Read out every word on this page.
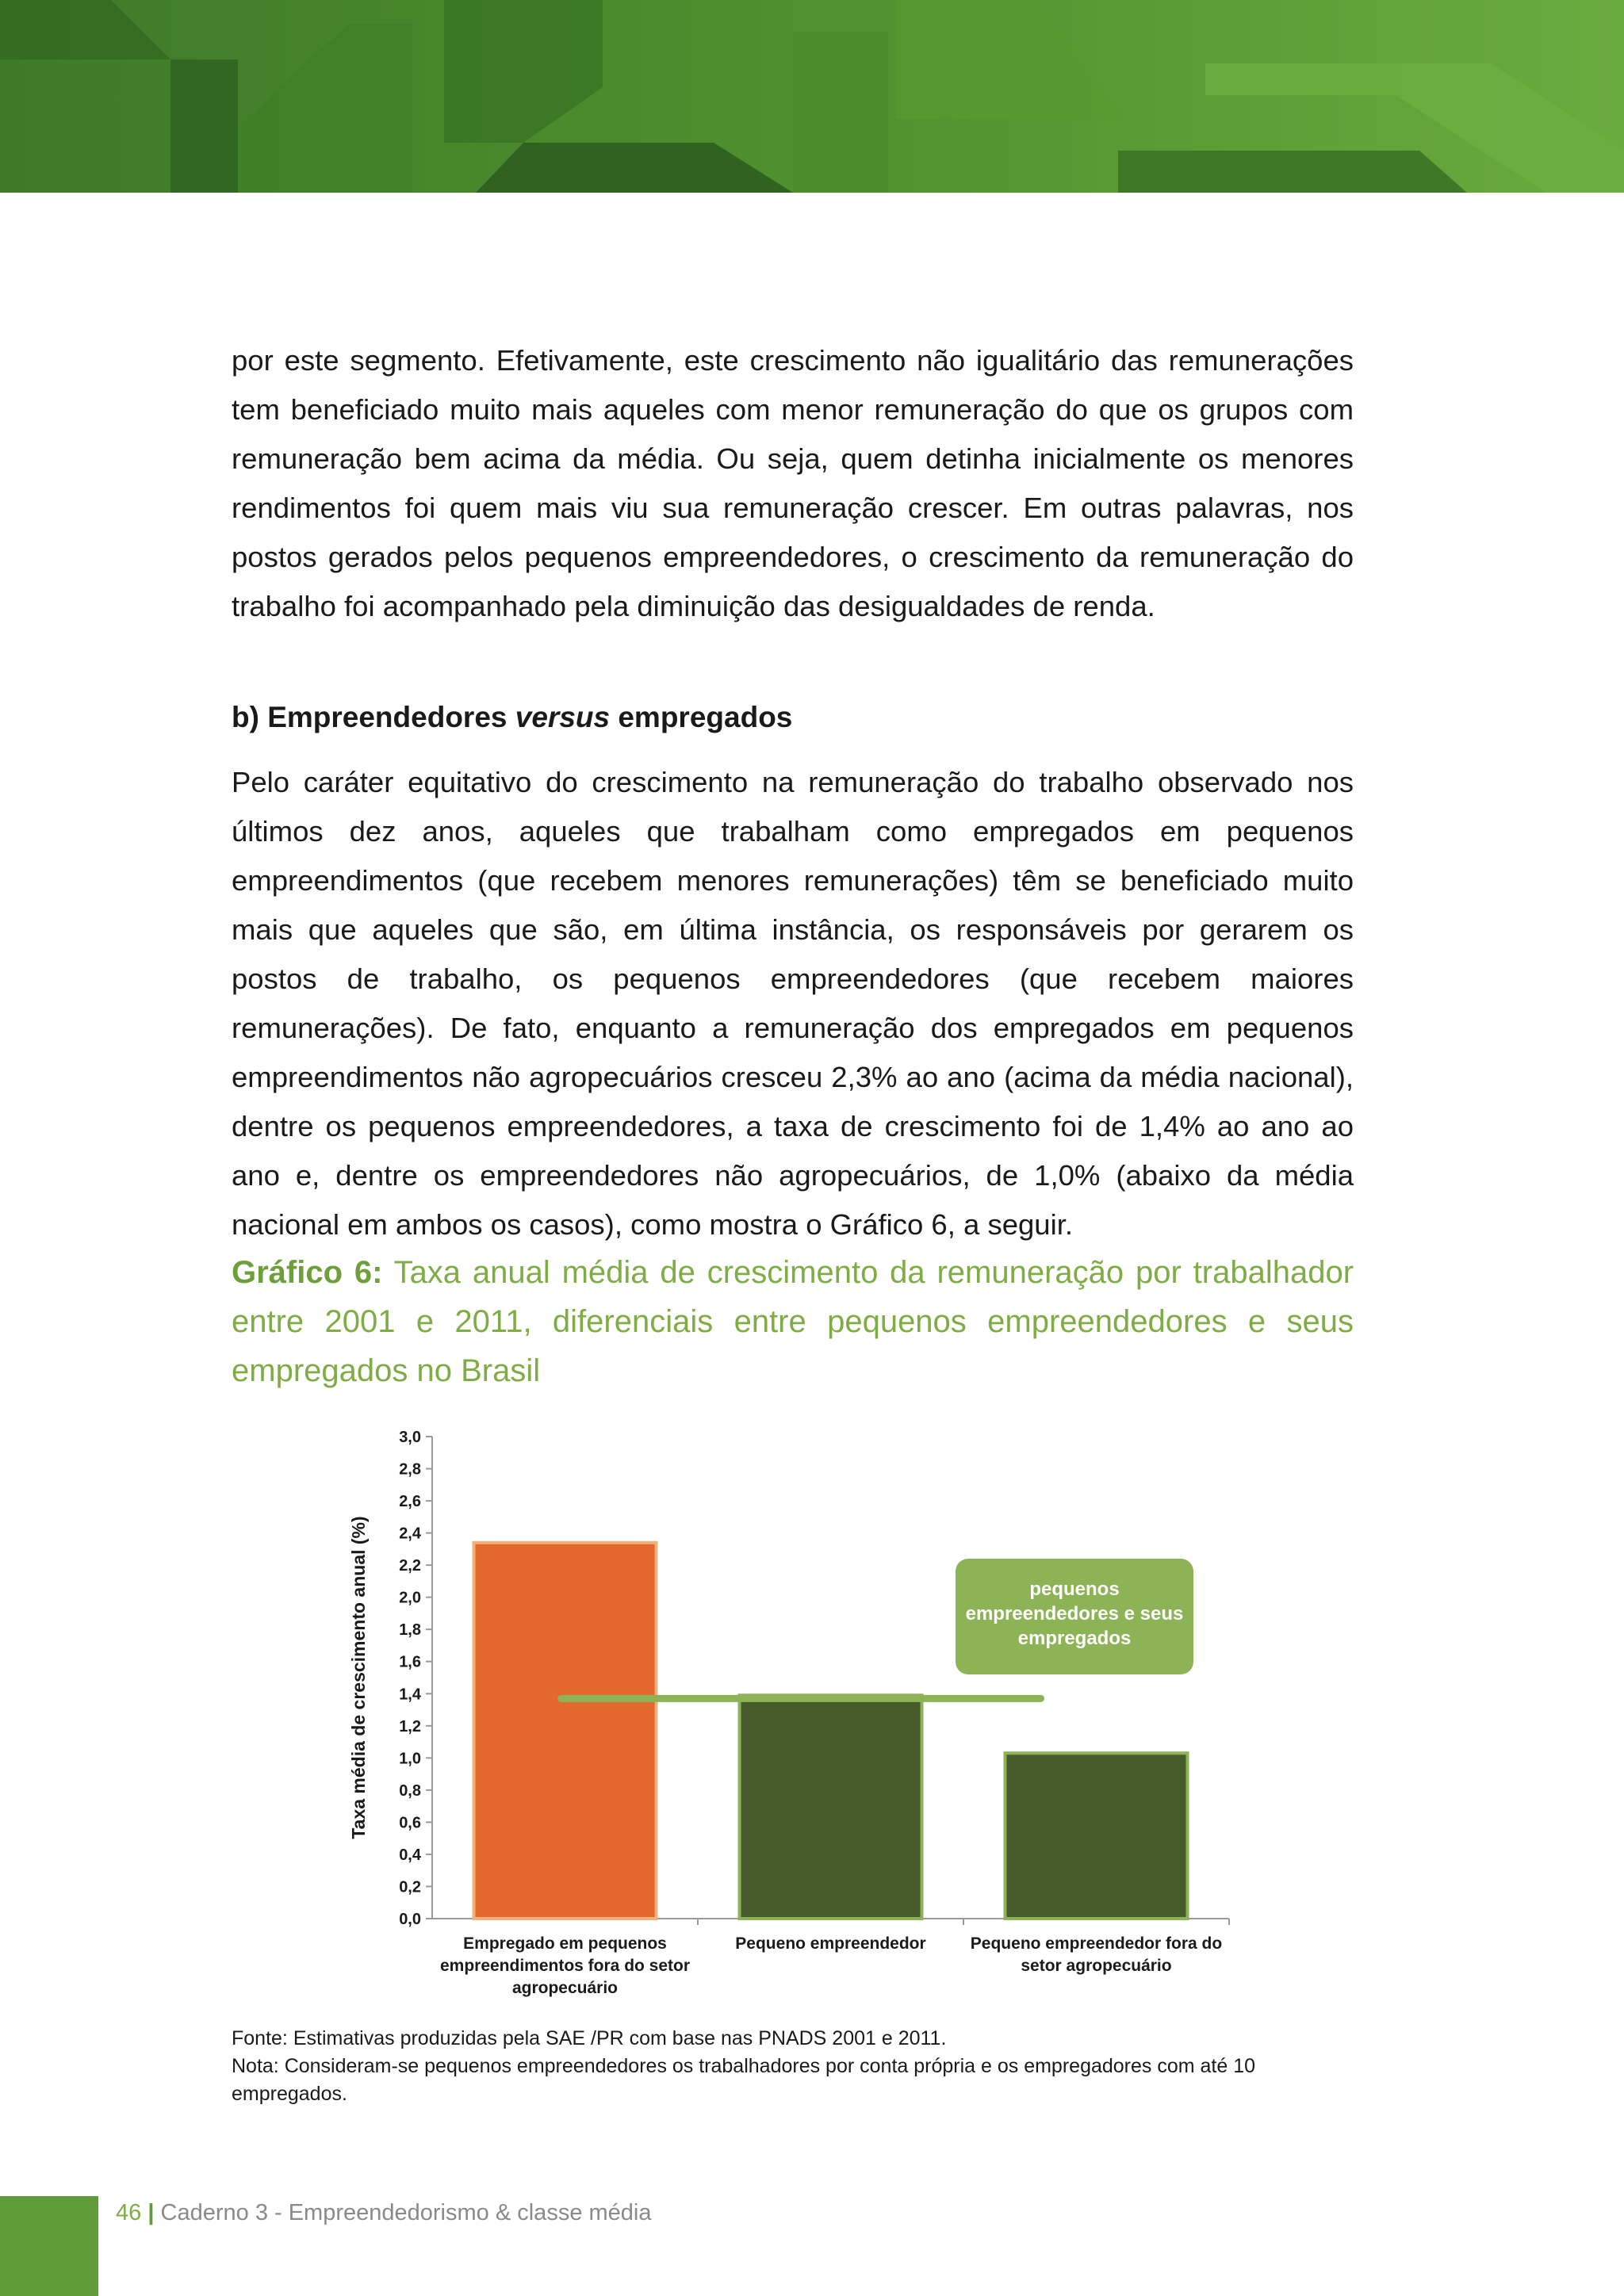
por este segmento. Efetivamente, este crescimento não igualitário das remunerações tem beneficiado muito mais aqueles com menor remuneração do que os grupos com remuneração bem acima da média. Ou seja, quem detinha inicialmente os menores rendimentos foi quem mais viu sua remuneração crescer. Em outras palavras, nos postos gerados pelos pequenos empreendedores, o crescimento da remuneração do trabalho foi acompanhado pela diminuição das desigualdades de renda.

b) Empreendedores versus empregados

Pelo caráter equitativo do crescimento na remuneração do trabalho observado nos últimos dez anos, aqueles que trabalham como empregados em pequenos empreendimentos (que recebem menores remunerações) têm se beneficiado muito mais que aqueles que são, em última instância, os responsáveis por gerarem os postos de trabalho, os pequenos empreendedores (que recebem maiores remunerações). De fato, enquanto a remuneração dos empregados em pequenos empreendimentos não agropecuários cresceu 2,3% ao ano (acima da média nacional), dentre os pequenos empreendedores, a taxa de crescimento foi de 1,4% ao ano ao ano e, dentre os empreendedores não agropecuários, de 1,0% (abaixo da média nacional em ambos os casos), como mostra o Gráfico 6, a seguir.

Gráfico 6: Taxa anual média de crescimento da remuneração por trabalhador entre 2001 e 2011, diferenciais entre pequenos empreendedores e seus empregados no Brasil

0,0
0,2
0,4
0,6
0,8
1,0
1,2
1,4
1,6
1,8
2,0
2,2
2,4
2,6
2,8
3,0
Taxa média de crescimento anual (%)
Empregado em pequenos
empreendimentos fora do setor
agropecuário
Pequeno empreendedor	Pequeno empreendedor fora do
setor agropecuário
pequenos
empreendedores e seus
empregados
Fonte: Estimativas produzidas pela SAE /PR com base nas PNADS 2001 e 2011.
Nota: Consideram-se pequenos empreendedores os trabalhadores por conta própria e os empregadores com até 10 empregados.
46 | Caderno 3 - Empreendedorismo & classe média
